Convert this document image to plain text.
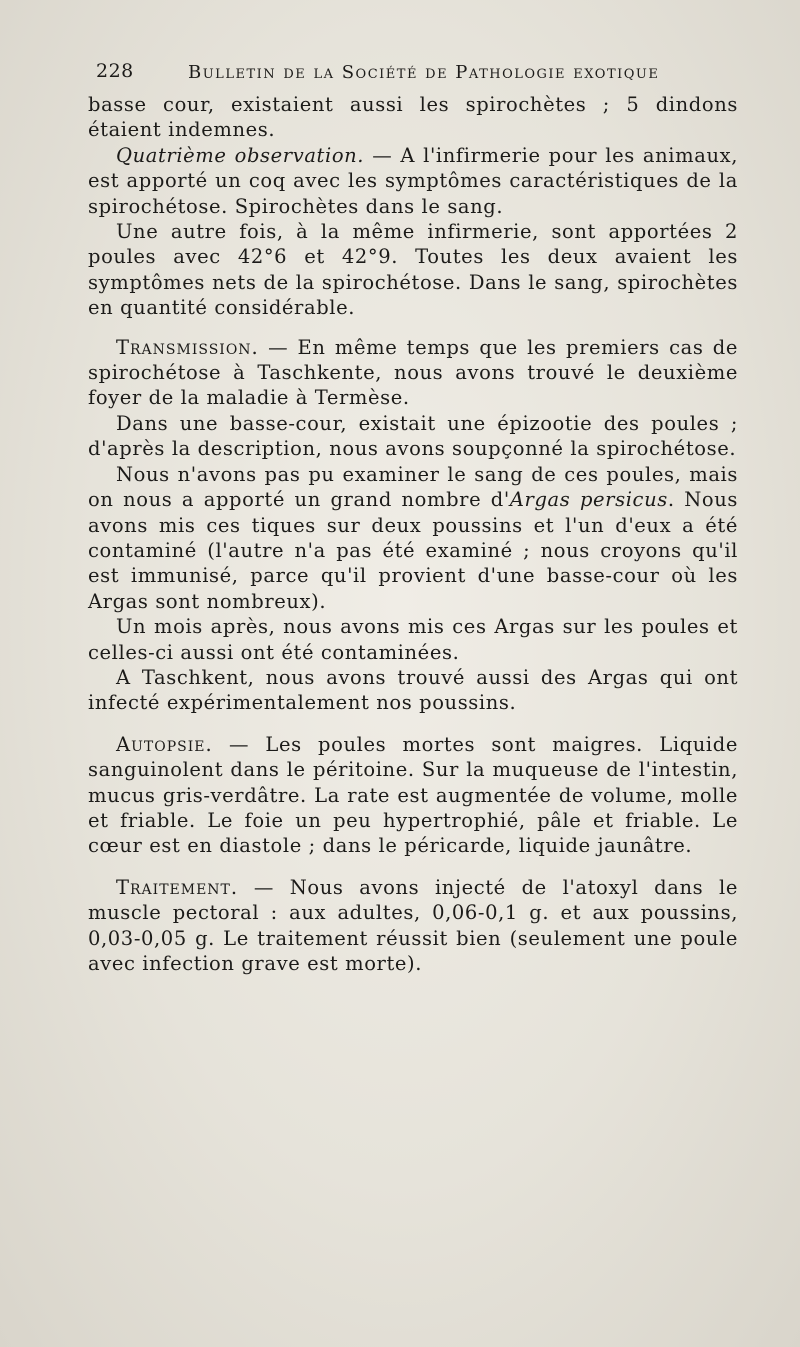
228	Bulletin de la Société de Pathologie exotique

basse cour, existaient aussi les spirochètes ; 5 dindons étaient indemnes.

Quatrième observation. — A l'infirmerie pour les animaux, est apporté un coq avec les symptômes caractéristiques de la spirochétose. Spirochètes dans le sang.

Une autre fois, à la même infirmerie, sont apportées 2 poules avec 42°6 et 42°9. Toutes les deux avaient les symptômes nets de la spirochétose. Dans le sang, spirochètes en quantité considérable.

Transmission. — En même temps que les premiers cas de spirochétose à Taschkente, nous avons trouvé le deuxième foyer de la maladie à Termèse.

Dans une basse-cour, existait une épizootie des poules ; d'après la description, nous avons soupçonné la spirochétose.

Nous n'avons pas pu examiner le sang de ces poules, mais on nous a apporté un grand nombre d'Argas persicus. Nous avons mis ces tiques sur deux poussins et l'un d'eux a été contaminé (l'autre n'a pas été examiné ; nous croyons qu'il est immunisé, parce qu'il provient d'une basse-cour où les Argas sont nombreux).

Un mois après, nous avons mis ces Argas sur les poules et celles-ci aussi ont été contaminées.

A Taschkent, nous avons trouvé aussi des Argas qui ont infecté expérimentalement nos poussins.

Autopsie. — Les poules mortes sont maigres. Liquide sanguinolent dans le péritoine. Sur la muqueuse de l'intestin, mucus gris-verdâtre. La rate est augmentée de volume, molle et friable. Le foie un peu hypertrophié, pâle et friable. Le cœur est en diastole ; dans le péricarde, liquide jaunâtre.

Traitement. — Nous avons injecté de l'atoxyl dans le muscle pectoral : aux adultes, 0,06-0,1 g. et aux poussins, 0,03-0,05 g. Le traitement réussit bien (seulement une poule avec infection grave est morte).
